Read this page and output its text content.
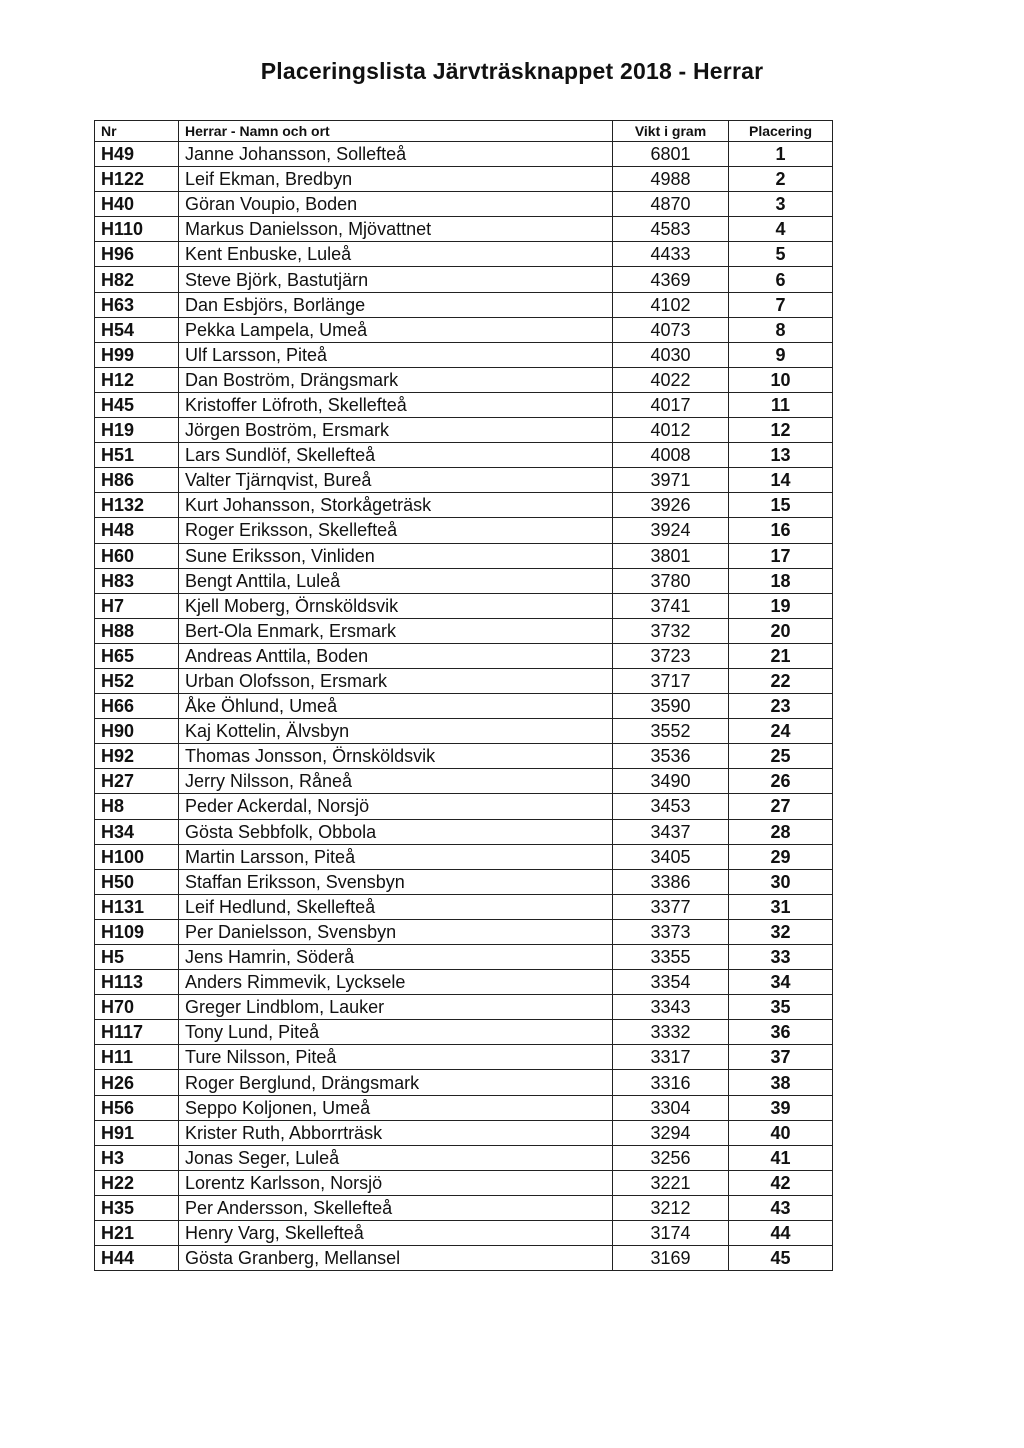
Placeringslista Järvträsknappet 2018 - Herrar
Nr	Herrar - Namn och ort	Vikt i gram	Placering
H49	Janne Johansson, Sollefteå	6801	1
H122	Leif Ekman, Bredbyn	4988	2
H40	Göran Voupio, Boden	4870	3
H110	Markus Danielsson, Mjövattnet	4583	4
H96	Kent Enbuske, Luleå	4433	5
H82	Steve Björk, Bastutjärn	4369	6
H63	Dan Esbjörs, Borlänge	4102	7
H54	Pekka Lampela, Umeå	4073	8
H99	Ulf Larsson, Piteå	4030	9
H12	Dan Boström, Drängsmark	4022	10
H45	Kristoffer Löfroth, Skellefteå	4017	11
H19	Jörgen Boström, Ersmark	4012	12
H51	Lars Sundlöf, Skellefteå	4008	13
H86	Valter Tjärnqvist, Bureå	3971	14
H132	Kurt Johansson, Storkågeträsk	3926	15
H48	Roger Eriksson, Skellefteå	3924	16
H60	Sune Eriksson, Vinliden	3801	17
H83	Bengt Anttila, Luleå	3780	18
H7	Kjell Moberg, Örnsköldsvik	3741	19
H88	Bert-Ola Enmark, Ersmark	3732	20
H65	Andreas Anttila, Boden	3723	21
H52	Urban Olofsson, Ersmark	3717	22
H66	Åke Öhlund, Umeå	3590	23
H90	Kaj Kottelin, Älvsbyn	3552	24
H92	Thomas Jonsson, Örnsköldsvik	3536	25
H27	Jerry Nilsson, Råneå	3490	26
H8	Peder Ackerdal, Norsjö	3453	27
H34	Gösta Sebbfolk, Obbola	3437	28
H100	Martin Larsson, Piteå	3405	29
H50	Staffan Eriksson, Svensbyn	3386	30
H131	Leif Hedlund, Skellefteå	3377	31
H109	Per Danielsson, Svensbyn	3373	32
H5	Jens Hamrin, Söderå	3355	33
H113	Anders Rimmevik, Lycksele	3354	34
H70	Greger Lindblom, Lauker	3343	35
H117	Tony Lund, Piteå	3332	36
H11	Ture Nilsson, Piteå	3317	37
H26	Roger Berglund, Drängsmark	3316	38
H56	Seppo Koljonen, Umeå	3304	39
H91	Krister Ruth, Abborrträsk	3294	40
H3	Jonas Seger, Luleå	3256	41
H22	Lorentz Karlsson, Norsjö	3221	42
H35	Per Andersson, Skellefteå	3212	43
H21	Henry Varg, Skellefteå	3174	44
H44	Gösta Granberg, Mellansel	3169	45
